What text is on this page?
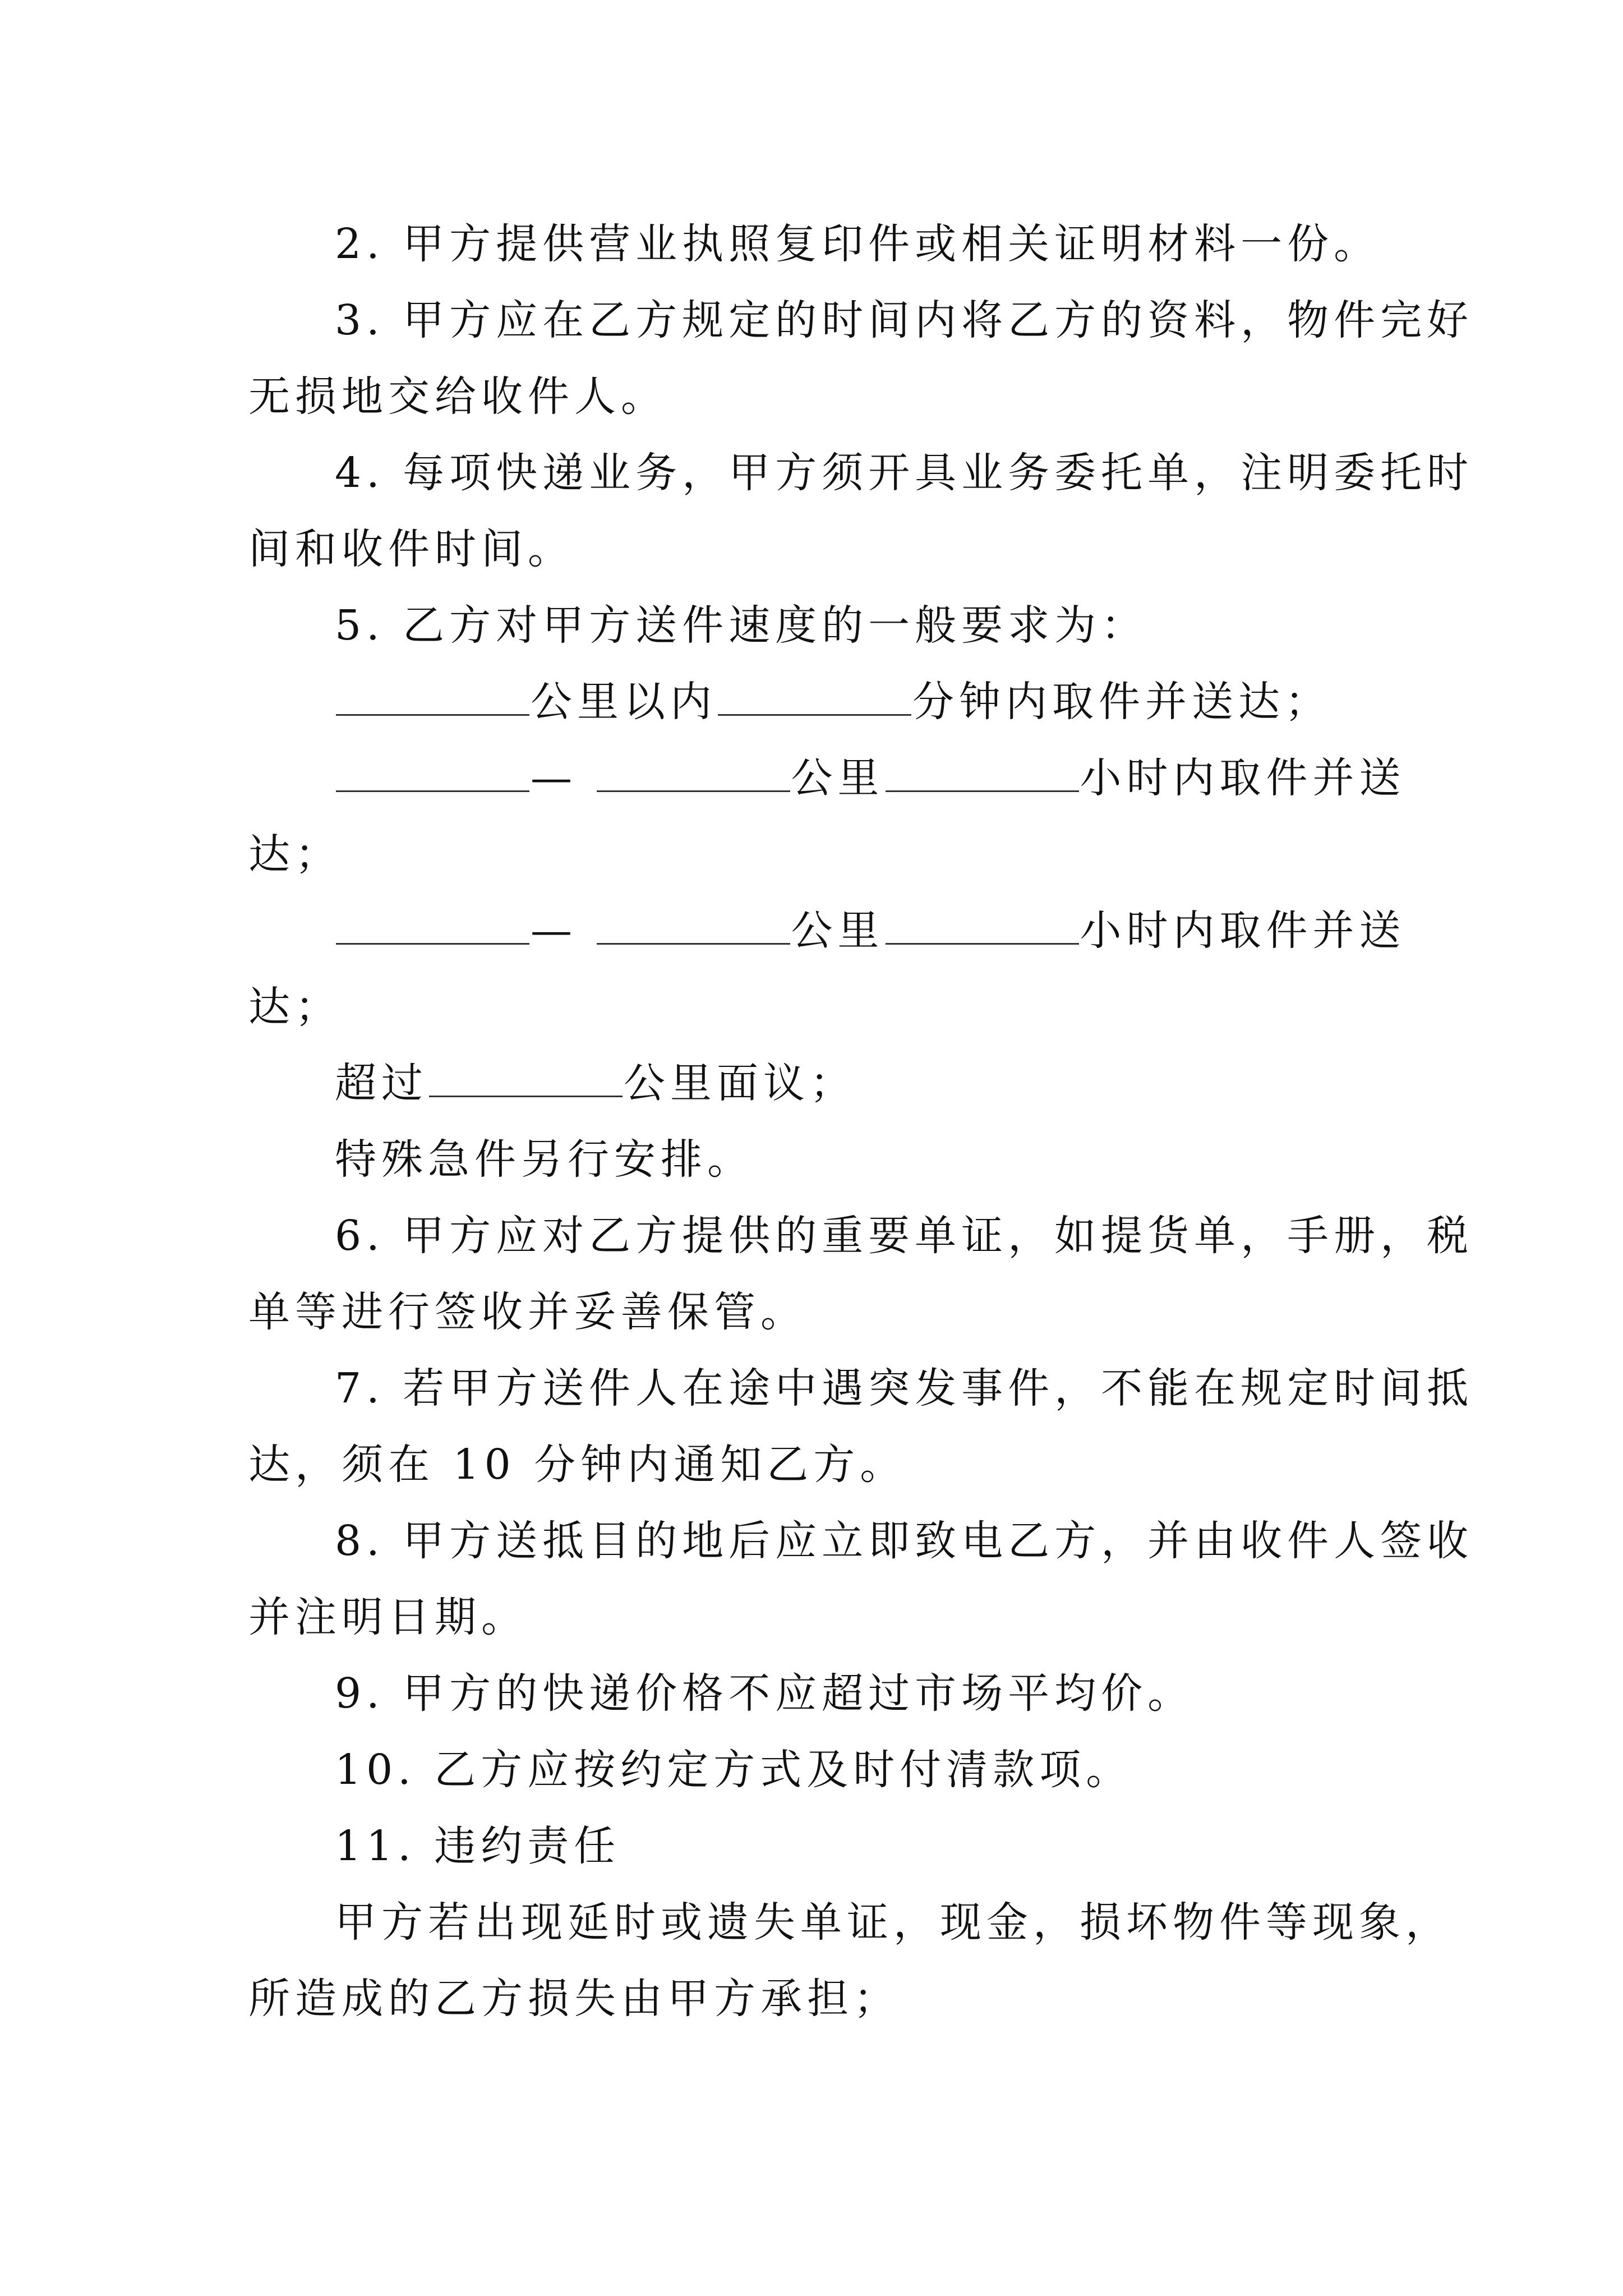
2. 甲方提供营业执照复印件或相关证明材料一份。
3. 甲方应在乙方规定的时间内将乙方的资料，物件完好
无损地交给收件人。
4. 每项快递业务，甲方须开具业务委托单，注明委托时
间和收件时间。
5. 乙方对甲方送件速度的一般要求为：
公里以内	分钟内取件并送达；
—	公里	小时内取件并送
达；
—	公里	小时内取件并送
达；
超过	公里面议；
特殊急件另行安排。
6. 甲方应对乙方提供的重要单证，如提货单，手册，税
单等进行签收并妥善保管。
7. 若甲方送件人在途中遇突发事件，不能在规定时间抵
达，须在 10 分钟内通知乙方。
8. 甲方送抵目的地后应立即致电乙方，并由收件人签收
并注明日期。
9. 甲方的快递价格不应超过市场平均价。
10. 乙方应按约定方式及时付清款项。
11. 违约责任
甲方若出现延时或遗失单证，现金，损坏物件等现象，
所造成的乙方损失由甲方承担；
